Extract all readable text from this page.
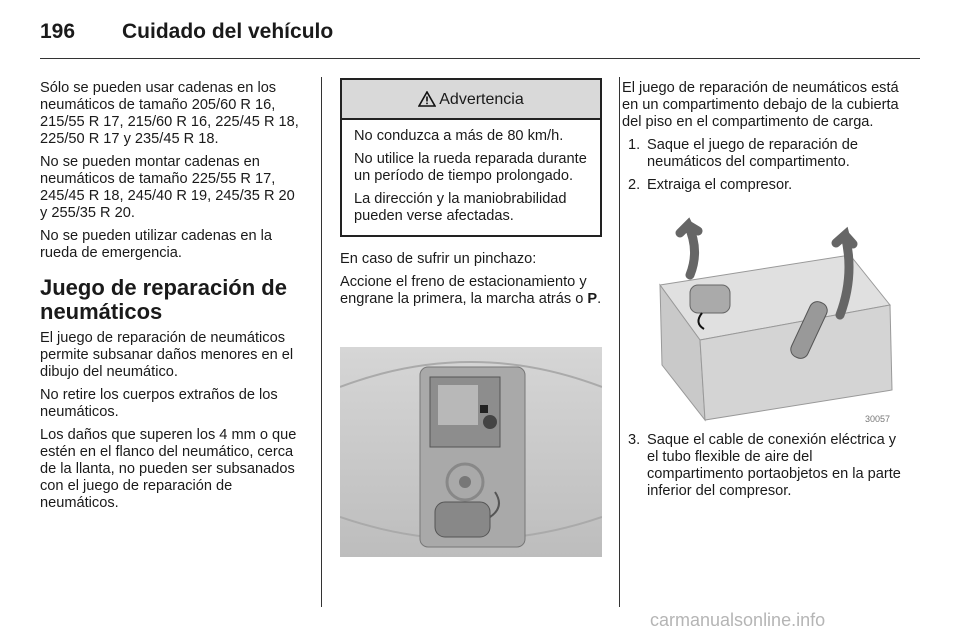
196 Cuidado del vehículo

Sólo se pueden usar cadenas en los neumáticos de tamaño 205/60 R 16, 215/55 R 17, 215/60 R 16, 225/45 R 18, 225/50 R 17 y 235/45 R 18.

No se pueden montar cadenas en neumáticos de tamaño 225/55 R 17, 245/45 R 18, 245/40 R 19, 245/35 R 20 y 255/35 R 20.

No se pueden utilizar cadenas en la rueda de emergencia.

Juego de reparación de neumáticos

El juego de reparación de neumáticos permite subsanar daños menores en el dibujo del neumático.

No retire los cuerpos extraños de los neumáticos.

Los daños que superen los 4 mm o que estén en el flanco del neumático, cerca de la llanta, no pueden ser subsanados con el juego de reparación de neumáticos.

Advertencia

No conduzca a más de 80 km/h.

No utilice la rueda reparada durante un período de tiempo prolongado.

La dirección y la maniobrabilidad pueden verse afectadas.

En caso de sufrir un pinchazo:

Accione el freno de estacionamiento y engrane la primera, la marcha atrás o P.

El juego de reparación de neumáticos está en un compartimento debajo de la cubierta del piso en el compartimento de carga.

1. Saque el juego de reparación de neumáticos del compartimento.
2. Extraiga el compresor.
3. Saque el cable de conexión eléctrica y el tubo flexible de aire del compartimento portaobjetos en la parte inferior del compresor.
30057
carmanualsonline.info
